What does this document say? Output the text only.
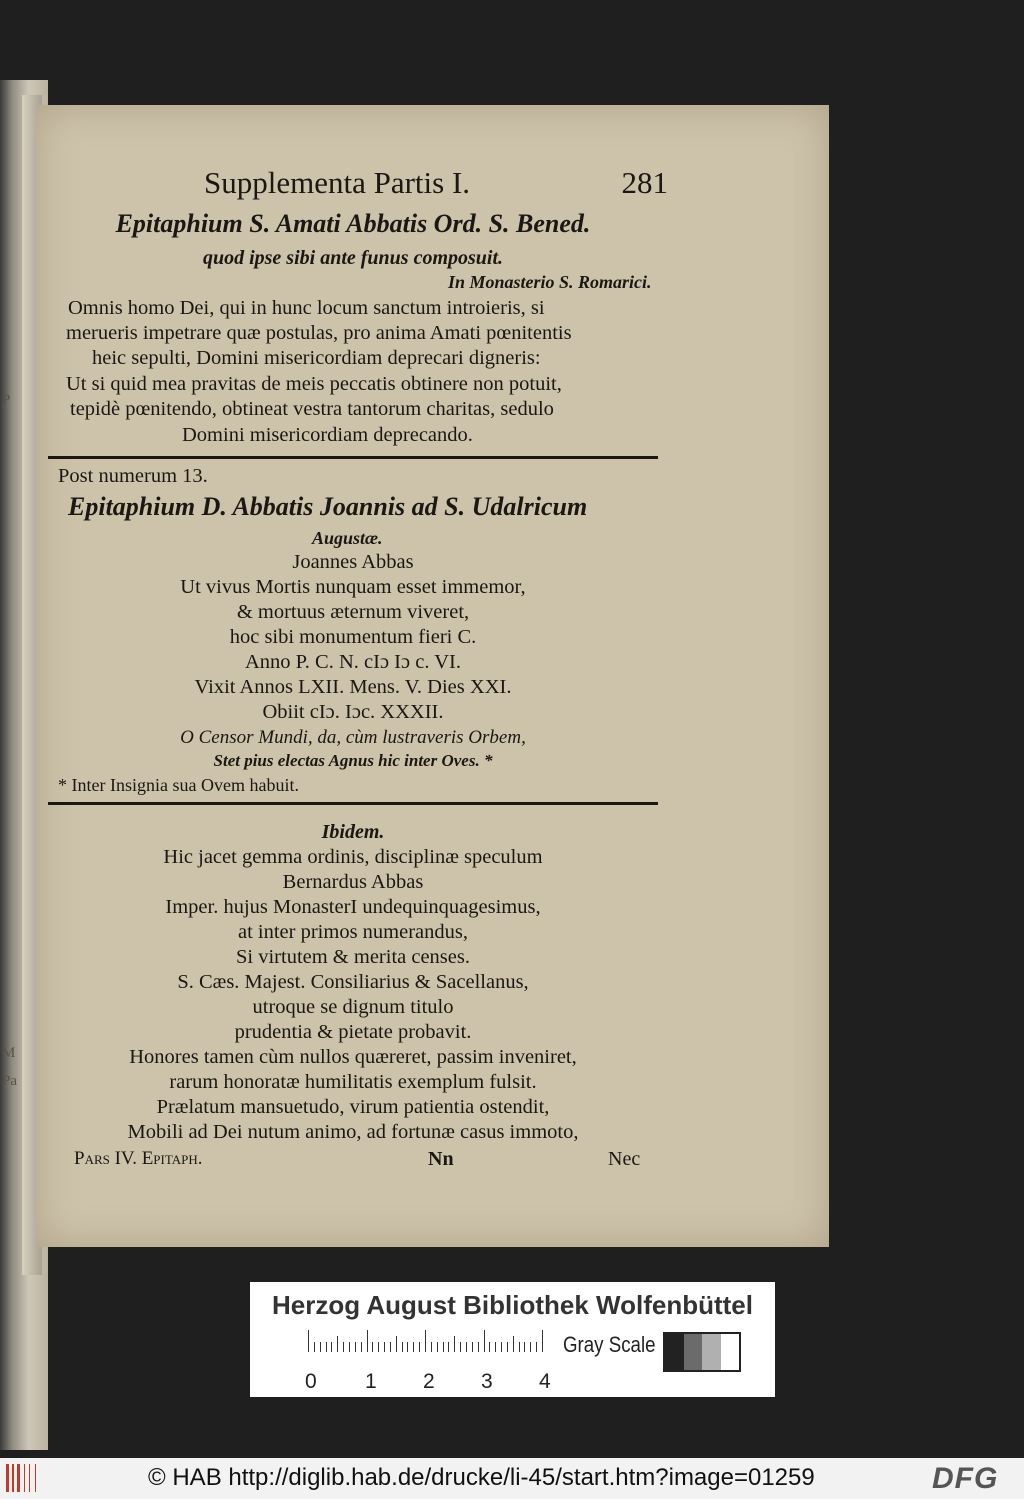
P
M
Pa
Supplementa Partis I.	281
Epitaphium S. Amati Abbatis Ord. S. Bened.
quod ipse sibi ante funus composuit.
In Monasterio S. Romarici.
Omnis homo Dei, qui in hunc locum sanctum introieris, si
merueris impetrare quæ postulas, pro anima Amati pœnitentis
heic sepulti, Domini misericordiam deprecari digneris:
Ut si quid mea pravitas de meis peccatis obtinere non potuit,
tepidè pœnitendo, obtineat vestra tantorum charitas, sedulo
Domini misericordiam deprecando.
Post numerum 13.
Epitaphium D. Abbatis Joannis ad S. Udalricum
Augustæ.
Joannes Abbas
Ut vivus Mortis nunquam esset immemor,
& mortuus æternum viveret,
hoc sibi monumentum fieri C.
Anno P. C. N. cIɔ Iɔ c. VI.
Vixit Annos LXII. Mens. V. Dies XXI.
Obiit cIɔ. Iɔc. XXXII.
O Censor Mundi, da, cùm lustraveris Orbem,
Stet pius electas Agnus hic inter Oves. *
* Inter Insignia sua Ovem habuit.
Ibidem.
Hic jacet gemma ordinis, disciplinæ speculum
Bernardus Abbas
Imper. hujus MonasterI undequinquagesimus,
at inter primos numerandus,
Si virtutem & merita censes.
S. Cæs. Majest. Consiliarius & Sacellanus,
utroque se dignum titulo
prudentia & pietate probavit.
Honores tamen cùm nullos quæreret, passim inveniret,
rarum honoratæ humilitatis exemplum fulsit.
Prælatum mansuetudo, virum patientia ostendit,
Mobili ad Dei nutum animo, ad fortunæ casus immoto,
Pars IV. Epitaph.	Nn	Nec
Herzog August Bibliothek Wolfenbüttel
0 1 2 3 4
Gray Scale
© HAB http://diglib.hab.de/drucke/li-45/start.htm?image=01259	DFG
